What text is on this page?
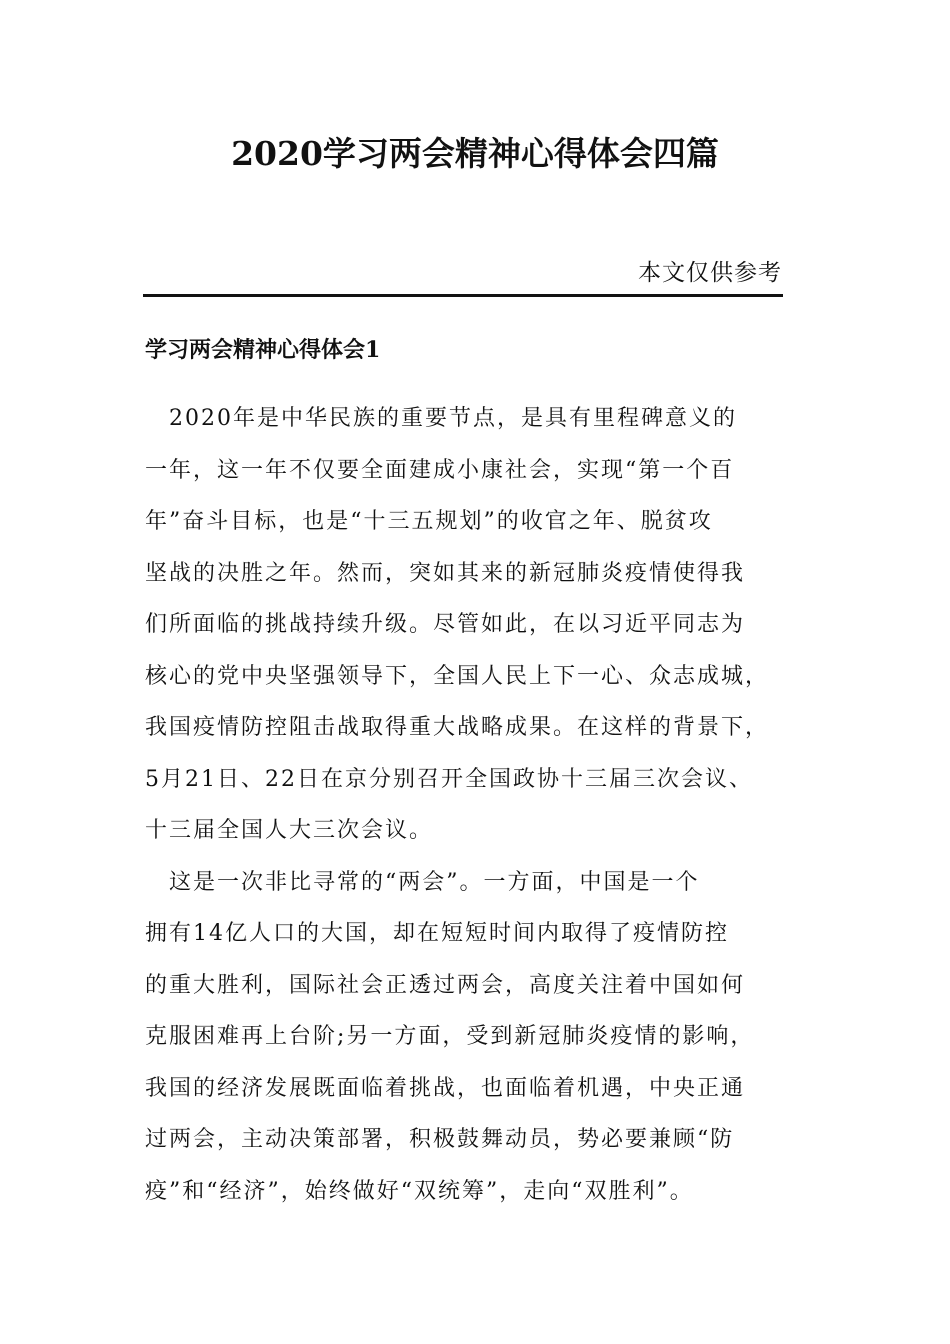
2020学习两会精神心得体会四篇
本文仅供参考
学习两会精神心得体会1
　2020年是中华民族的重要节点，是具有里程碑意义的
一年，这一年不仅要全面建成小康社会，实现“第一个百
年”奋斗目标，也是“十三五规划”的收官之年、脱贫攻
坚战的决胜之年。然而，突如其来的新冠肺炎疫情使得我
们所面临的挑战持续升级。尽管如此，在以习近平同志为
核心的党中央坚强领导下，全国人民上下一心、众志成城，
我国疫情防控阻击战取得重大战略成果。在这样的背景下，
5月21日、22日在京分别召开全国政协十三届三次会议、
十三届全国人大三次会议。
　这是一次非比寻常的“两会”。一方面，中国是一个
拥有14亿人口的大国，却在短短时间内取得了疫情防控
的重大胜利，国际社会正透过两会，高度关注着中国如何
克服困难再上台阶;另一方面，受到新冠肺炎疫情的影响，
我国的经济发展既面临着挑战，也面临着机遇，中央正通
过两会，主动决策部署，积极鼓舞动员，势必要兼顾“防
疫”和“经济”，始终做好“双统筹”，走向“双胜利”。
